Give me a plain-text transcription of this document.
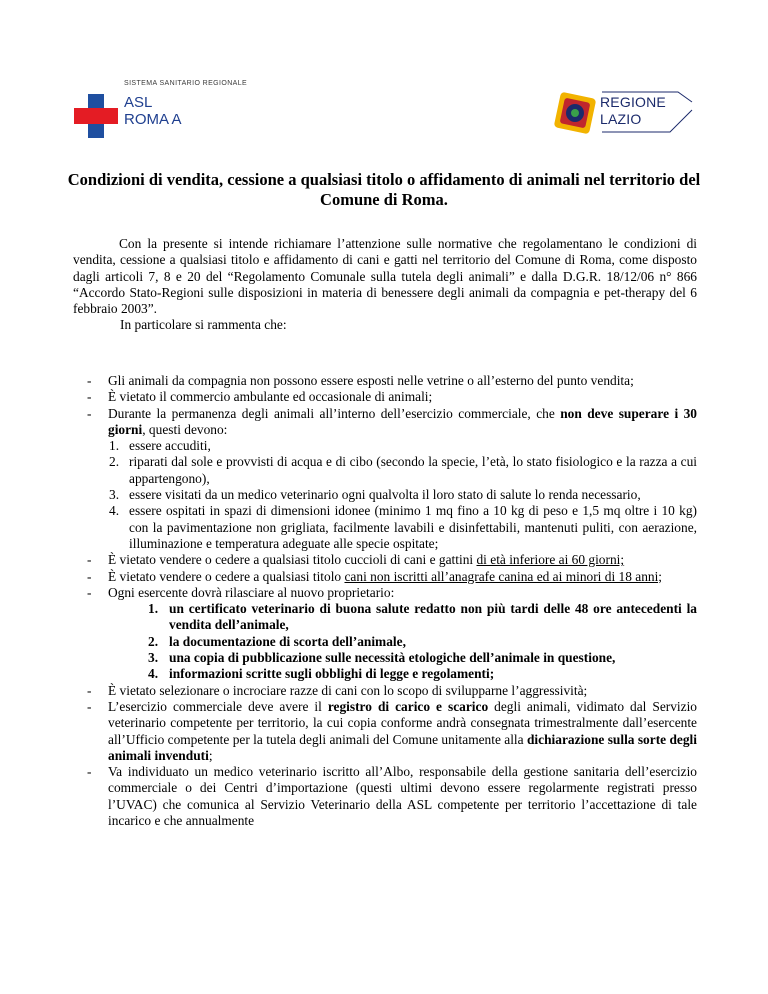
SISTEMA SANITARIO REGIONALE
ASL
ROMA A
REGIONE
LAZIO
Condizioni di vendita, cessione a qualsiasi titolo o affidamento di animali nel territorio del Comune di Roma.

Con la presente si intende richiamare l’attenzione sulle normative che regolamentano le condizioni di vendita, cessione a qualsiasi titolo e affidamento di cani e gatti nel territorio del Comune di Roma, come disposto dagli articoli 7, 8 e 20 del “Regolamento Comunale sulla tutela degli animali” e dalla D.G.R. 18/12/06 n° 866 “Accordo Stato-Regioni sulle disposizioni in materia di benessere degli animali da compagnia e pet-therapy del 6 febbraio 2003”.

In particolare si rammenta che:

- Gli animali da compagnia non possono essere esposti nelle vetrine o all’esterno del punto vendita;
- È vietato il commercio ambulante ed occasionale di animali;
- Durante la permanenza degli animali all’interno dell’esercizio commerciale, che non deve superare i 30 giorni, questi devono:
1. essere accuditi,
2. riparati dal sole e provvisti di acqua e di cibo (secondo la specie, l’età, lo stato fisiologico e la razza a cui appartengono),
3. essere visitati da un medico veterinario ogni qualvolta il loro stato di salute lo renda necessario,
4. essere ospitati in spazi di dimensioni idonee (minimo 1 mq fino a 10 kg di peso e 1,5 mq oltre i 10 kg) con la pavimentazione non grigliata, facilmente lavabili e disinfettabili, mantenuti puliti, con aerazione, illuminazione e temperatura adeguate alle specie ospitate;
- È vietato vendere o cedere a qualsiasi titolo cuccioli di cani e gattini di età inferiore ai 60 giorni;
- È vietato vendere o cedere a qualsiasi titolo cani non iscritti all’anagrafe canina ed ai minori di 18 anni;
- Ogni esercente dovrà rilasciare al nuovo proprietario:
1. un certificato veterinario di buona salute redatto non più tardi delle 48 ore antecedenti la vendita dell’animale,
2. la documentazione di scorta dell’animale,
3. una copia di pubblicazione sulle necessità etologiche dell’animale in questione,
4. informazioni scritte sugli obblighi di legge e regolamenti;
- È vietato selezionare o incrociare razze di cani con lo scopo di svilupparne l’aggressività;
- L’esercizio commerciale deve avere il registro di carico e scarico degli animali, vidimato dal Servizio veterinario competente per territorio, la cui copia conforme andrà consegnata trimestralmente dall’esercente all’Ufficio competente per la tutela degli animali del Comune unitamente alla dichiarazione sulla sorte degli animali invenduti;
- Va individuato un medico veterinario iscritto all’Albo, responsabile della gestione sanitaria dell’esercizio commerciale o dei Centri d’importazione (questi ultimi devono essere regolarmente registrati presso l’UVAC) che comunica al Servizio Veterinario della ASL competente per territorio l’accettazione di tale incarico e che annualmente
